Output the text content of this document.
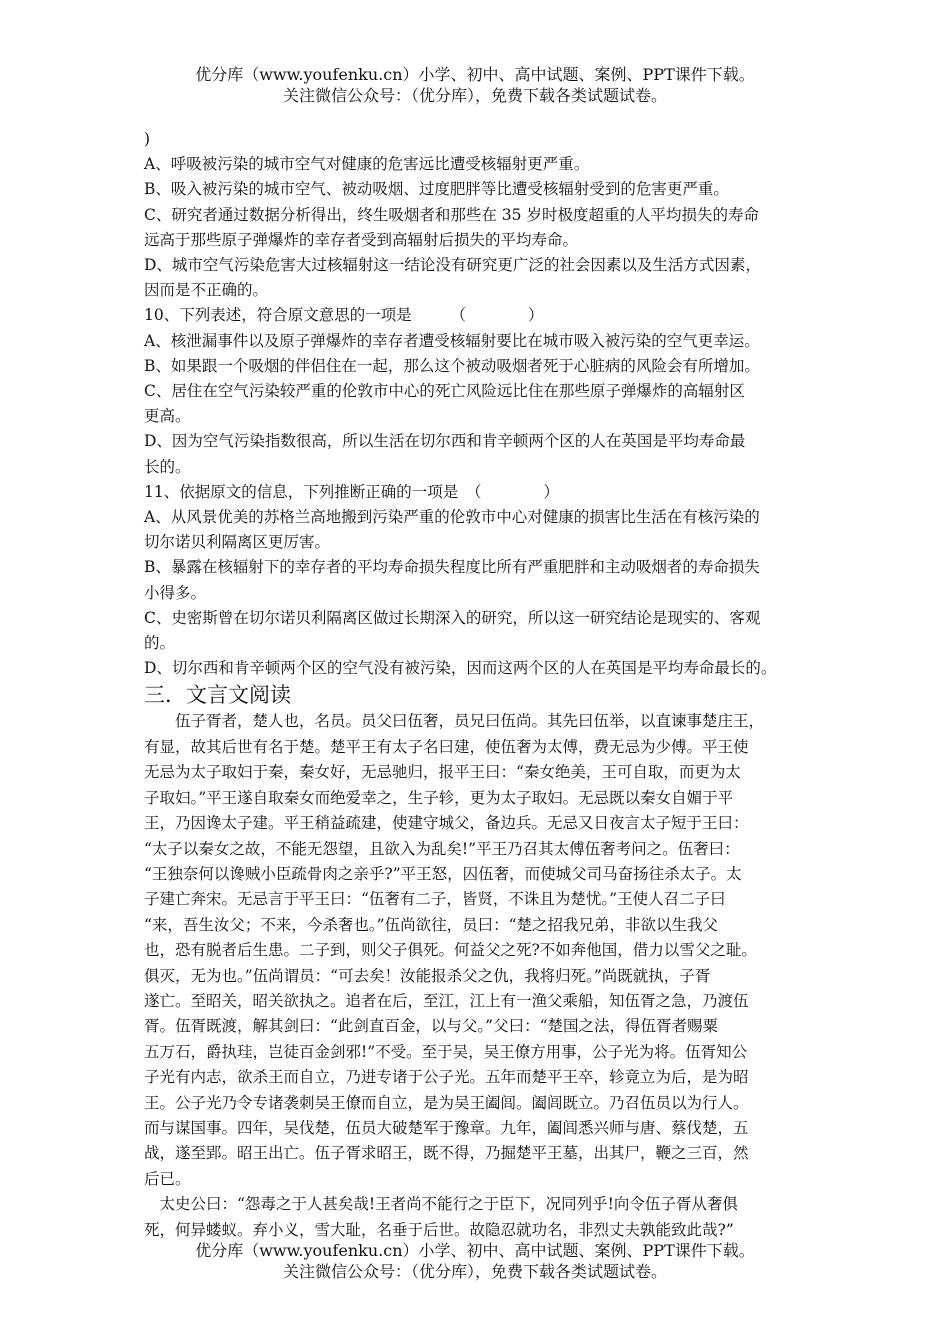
优分库（www.youfenku.cn）小学、初中、高中试题、案例、PPT课件下载。

关注微信公众号：（优分库），免费下载各类试题试卷。

)
A、呼吸被污染的城市空气对健康的危害远比遭受核辐射更严重。
B、吸入被污染的城市空气、被动吸烟、过度肥胖等比遭受核辐射受到的危害更严重。
C、研究者通过数据分析得出，终生吸烟者和那些在 35 岁时极度超重的人平均损失的寿命
远高于那些原子弹爆炸的幸存者受到高辐射后损失的平均寿命。
D、城市空气污染危害大过核辐射这一结论没有研究更广泛的社会因素以及生活方式因素，
因而是不正确的。
10、下列表述，符合原文意思的一项是　　　（　　　　）
A、核泄漏事件以及原子弹爆炸的幸存者遭受核辐射要比在城市吸入被污染的空气更幸运。
B、如果跟一个吸烟的伴侣住在一起，那么这个被动吸烟者死于心脏病的风险会有所增加。
C、居住在空气污染较严重的伦敦市中心的死亡风险远比住在那些原子弹爆炸的高辐射区
更高。
D、因为空气污染指数很高，所以生活在切尔西和肯辛顿两个区的人在英国是平均寿命最
长的。
11、依据原文的信息，下列推断正确的一项是　（　　　　）
A、从风景优美的苏格兰高地搬到污染严重的伦敦市中心对健康的损害比生活在有核污染的
切尔诺贝利隔离区更厉害。
B、暴露在核辐射下的幸存者的平均寿命损失程度比所有严重肥胖和主动吸烟者的寿命损失
小得多。
C、史密斯曾在切尔诺贝利隔离区做过长期深入的研究，所以这一研究结论是现实的、客观
的。
D、切尔西和肯辛顿两个区的空气没有被污染，因而这两个区的人在英国是平均寿命最长的。
三．文言文阅读
　　伍子胥者，楚人也，名员。员父曰伍奢，员兄曰伍尚。其先曰伍举，以直谏事楚庄王，
有显，故其后世有名于楚。楚平王有太子名曰建，使伍奢为太傅，费无忌为少傅。平王使
无忌为太子取妇于秦，秦女好，无忌驰归，报平王曰：“秦女绝美，王可自取，而更为太
子取妇。”平王遂自取秦女而绝爱幸之，生子轸，更为太子取妇。无忌既以秦女自媚于平
王，乃因谗太子建。平王稍益疏建，使建守城父，备边兵。无忌又日夜言太子短于王曰：
“太子以秦女之故，不能无怨望，且欲入为乱矣!”平王乃召其太傅伍奢考问之。伍奢曰：
“王独奈何以谗贼小臣疏骨肉之亲乎?”平王怒，囚伍奢，而使城父司马奋扬往杀太子。太
子建亡奔宋。无忌言于平王曰：“伍奢有二子，皆贤，不诛且为楚忧。”王使人召二子曰
“来，吾生汝父；不来，今杀奢也。”伍尚欲往，员曰：“楚之招我兄弟，非欲以生我父
也，恐有脱者后生患。二子到，则父子俱死。何益父之死?不如奔他国，借力以雪父之耻。
俱灭，无为也。”伍尚谓员：“可去矣！汝能报杀父之仇，我将归死。”尚既就执，子胥
遂亡。至昭关，昭关欲执之。追者在后，至江，江上有一渔父乘船，知伍胥之急，乃渡伍
胥。伍胥既渡，解其剑曰：“此剑直百金，以与父。”父曰：“楚国之法，得伍胥者赐粟
五万石，爵执珪，岂徒百金剑邪!”不受。至于吴，吴王僚方用事，公子光为将。伍胥知公
子光有内志，欲杀王而自立，乃进专诸于公子光。五年而楚平王卒，轸竟立为后，是为昭
王。公子光乃令专诸袭刺吴王僚而自立，是为吴王阖闾。阖闾既立。乃召伍员以为行人。
而与谋国事。四年，吴伐楚，伍员大破楚军于豫章。九年，阖闾悉兴师与唐、蔡伐楚，五
战，遂至郢。昭王出亡。伍子胥求昭王，既不得，乃掘楚平王墓，出其尸，鞭之三百，然
后已。
　太史公曰：“怨毒之于人甚矣哉!王者尚不能行之于臣下，况同列乎!向令伍子胥从奢俱
死，何异蝼蚁。弃小义，雪大耻，名垂于后世。故隐忍就功名，非烈丈夫孰能致此哉?”

优分库（www.youfenku.cn）小学、初中、高中试题、案例、PPT课件下载。

关注微信公众号：（优分库），免费下载各类试题试卷。
